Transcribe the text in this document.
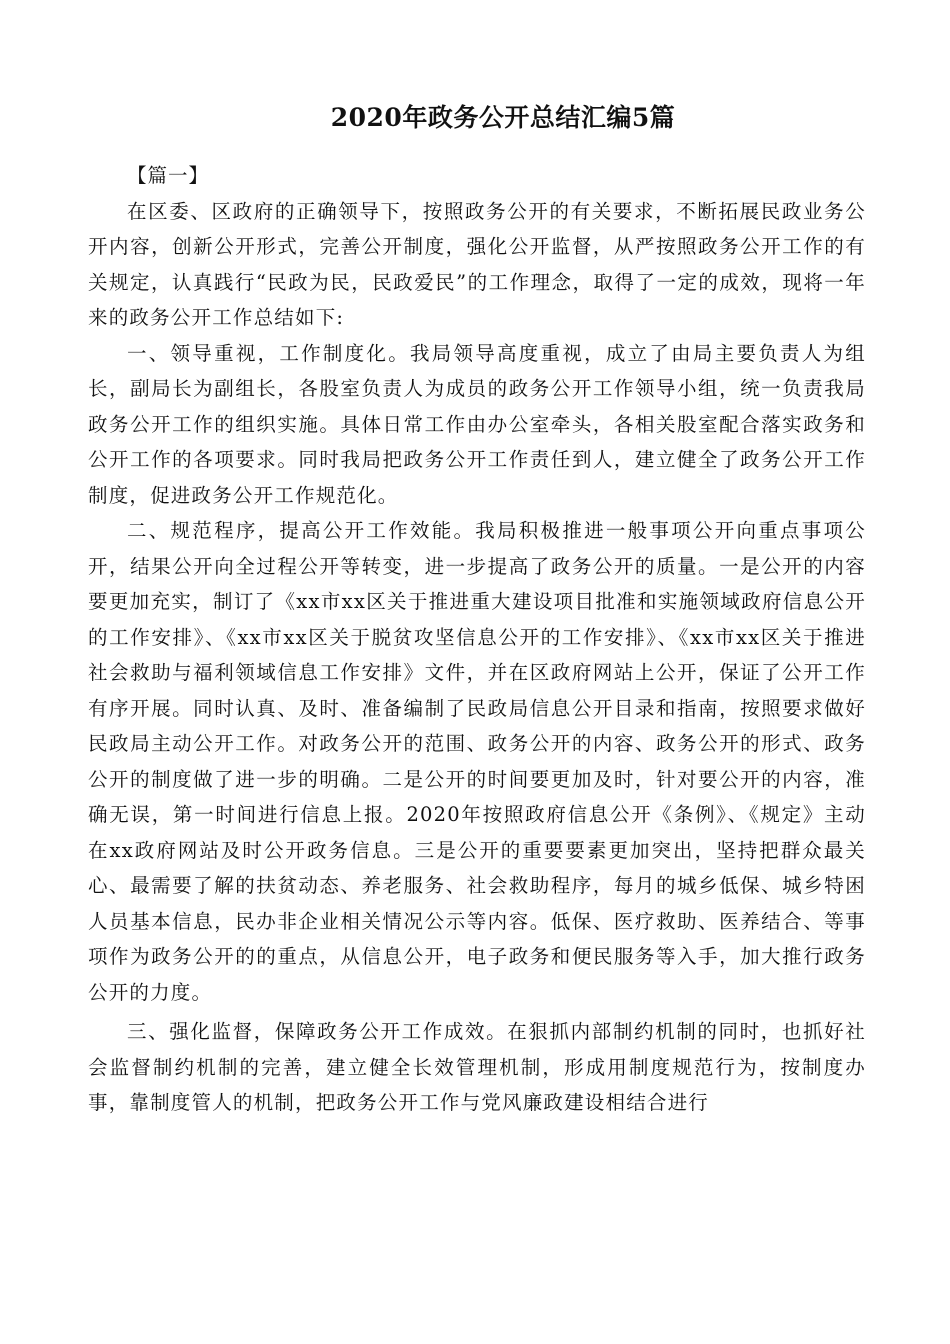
2020年政务公开总结汇编5篇

【篇一】

在区委、区政府的正确领导下，按照政务公开的有关要求，不断拓展民政业务公开内容，创新公开形式，完善公开制度，强化公开监督，从严按照政务公开工作的有关规定，认真践行“民政为民，民政爱民”的工作理念，取得了一定的成效，现将一年来的政务公开工作总结如下:

一、领导重视，工作制度化。我局领导高度重视，成立了由局主要负责人为组长，副局长为副组长，各股室负责人为成员的政务公开工作领导小组，统一负责我局政务公开工作的组织实施。具体日常工作由办公室牵头，各相关股室配合落实政务和公开工作的各项要求。同时我局把政务公开工作责任到人，建立健全了政务公开工作制度，促进政务公开工作规范化。

二、规范程序，提高公开工作效能。我局积极推进一般事项公开向重点事项公开，结果公开向全过程公开等转变，进一步提高了政务公开的质量。一是公开的内容要更加充实，制订了《xx市xx区关于推进重大建设项目批准和实施领域政府信息公开的工作安排》、《xx市xx区关于脱贫攻坚信息公开的工作安排》、《xx市xx区关于推进社会救助与福利领域信息工作安排》文件，并在区政府网站上公开，保证了公开工作有序开展。同时认真、及时、准备编制了民政局信息公开目录和指南，按照要求做好民政局主动公开工作。对政务公开的范围、政务公开的内容、政务公开的形式、政务公开的制度做了进一步的明确。二是公开的时间要更加及时，针对要公开的内容，准确无误，第一时间进行信息上报。2020年按照政府信息公开《条例》、《规定》主动在xx政府网站及时公开政务信息。三是公开的重要要素更加突出，坚持把群众最关心、最需要了解的扶贫动态、养老服务、社会救助程序，每月的城乡低保、城乡特困人员基本信息，民办非企业相关情况公示等内容。低保、医疗救助、医养结合、等事项作为政务公开的的重点，从信息公开，电子政务和便民服务等入手，加大推行政务公开的力度。

三、强化监督，保障政务公开工作成效。在狠抓内部制约机制的同时，也抓好社会监督制约机制的完善，建立健全长效管理机制，形成用制度规范行为，按制度办事，靠制度管人的机制，把政务公开工作与党风廉政建设相结合进行
